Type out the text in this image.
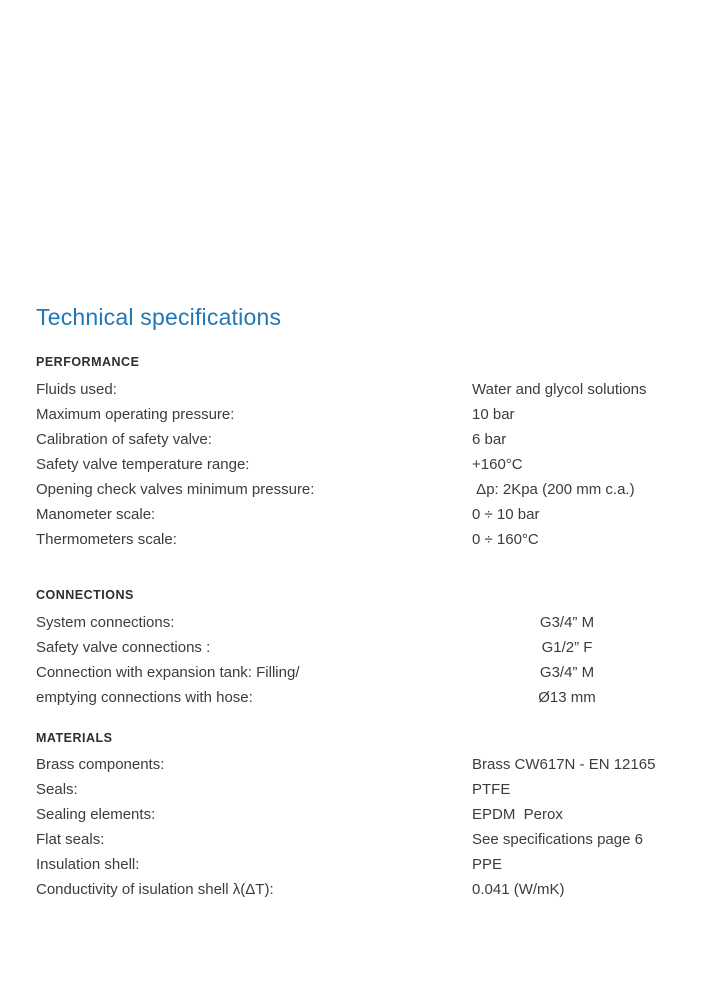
Technical specifications
PERFORMANCE
Fluids used:	Water and glycol solutions
Maximum operating pressure:	10 bar
Calibration of safety valve:	6 bar
Safety valve temperature range:	+160°C
Opening check valves minimum pressure:	Δp: 2Kpa (200 mm c.a.)
Manometer scale:	0 ÷ 10 bar
Thermometers scale:	0 ÷ 160°C
CONNECTIONS
System connections:	G3/4” M
Safety valve connections :	G1/2” F
Connection with expansion tank: Filling/	G3/4” M
emptying connections with hose:	Ø13 mm
MATERIALS
Brass components:	Brass CW617N - EN 12165
Seals:	PTFE
Sealing elements:	EPDM  Perox
Flat seals:	See specifications page 6
Insulation shell:	PPE
Conductivity of isulation shell λ(ΔT):	0.041 (W/mK)
